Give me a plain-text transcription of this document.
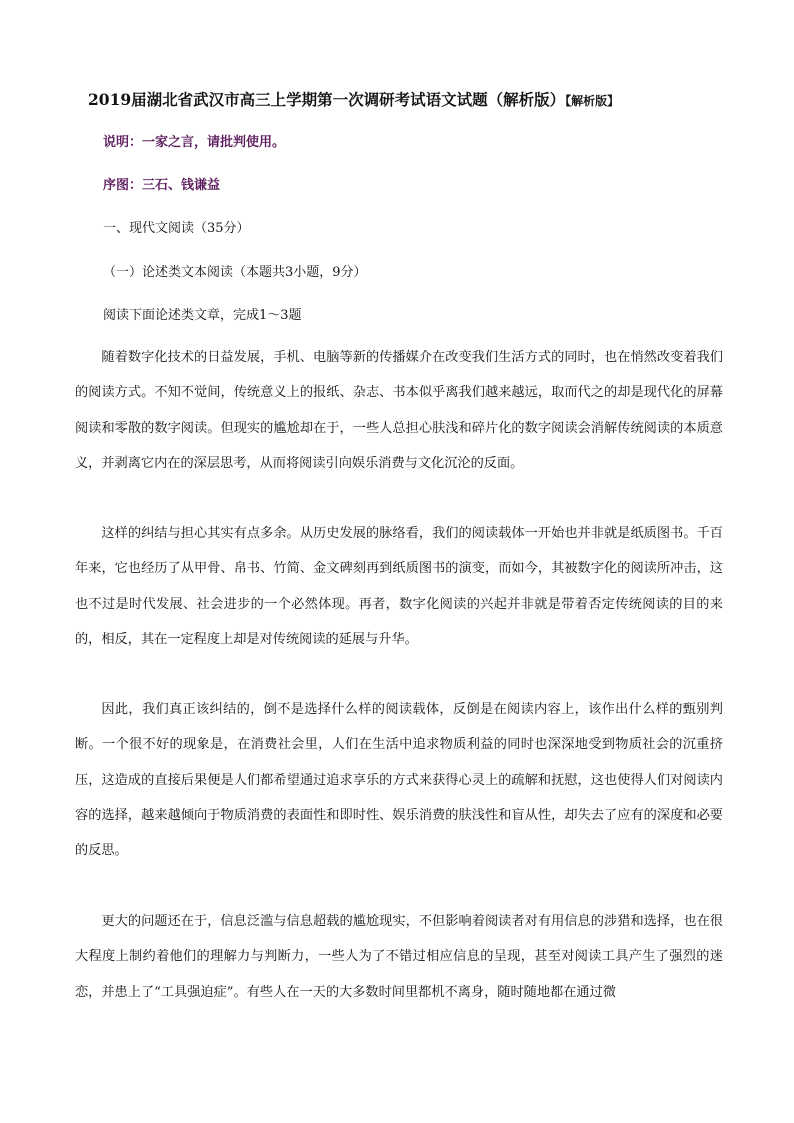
2019届湖北省武汉市高三上学期第一次调研考试语文试题（解析版）【解析版】
说明：一家之言，请批判使用。
序图：三石、钱谦益
一、现代文阅读（35分）
（一）论述类文本阅读（本题共3小题，9分）
阅读下面论述类文章，完成1～3题
随着数字化技术的日益发展，手机、电脑等新的传播媒介在改变我们生活方式的同时，也在悄然改变着我们的阅读方式。不知不觉间，传统意义上的报纸、杂志、书本似乎离我们越来越远，取而代之的却是现代化的屏幕阅读和零散的数字阅读。但现实的尴尬却在于，一些人总担心肤浅和碎片化的数字阅读会消解传统阅读的本质意义，并剥离它内在的深层思考，从而将阅读引向娱乐消费与文化沉沦的反面。
这样的纠结与担心其实有点多余。从历史发展的脉络看，我们的阅读载体一开始也并非就是纸质图书。千百年来，它也经历了从甲骨、帛书、竹简、金文碑刻再到纸质图书的演变，而如今，其被数字化的阅读所冲击，这也不过是时代发展、社会进步的一个必然体现。再者，数字化阅读的兴起并非就是带着否定传统阅读的目的来的，相反，其在一定程度上却是对传统阅读的延展与升华。
因此，我们真正该纠结的，倒不是选择什么样的阅读载体，反倒是在阅读内容上，该作出什么样的甄别判断。一个很不好的现象是，在消费社会里，人们在生活中追求物质利益的同时也深深地受到物质社会的沉重挤压，这造成的直接后果便是人们都希望通过追求享乐的方式来获得心灵上的疏解和抚慰，这也使得人们对阅读内容的选择，越来越倾向于物质消费的表面性和即时性、娱乐消费的肤浅性和盲从性，却失去了应有的深度和必要的反思。
更大的问题还在于，信息泛滥与信息超载的尴尬现实，不但影响着阅读者对有用信息的涉猎和选择，也在很大程度上制约着他们的理解力与判断力，一些人为了不错过相应信息的呈现，甚至对阅读工具产生了强烈的迷恋，并患上了“工具强迫症”。有些人在一天的大多数时间里都机不离身，随时随地都在通过微
